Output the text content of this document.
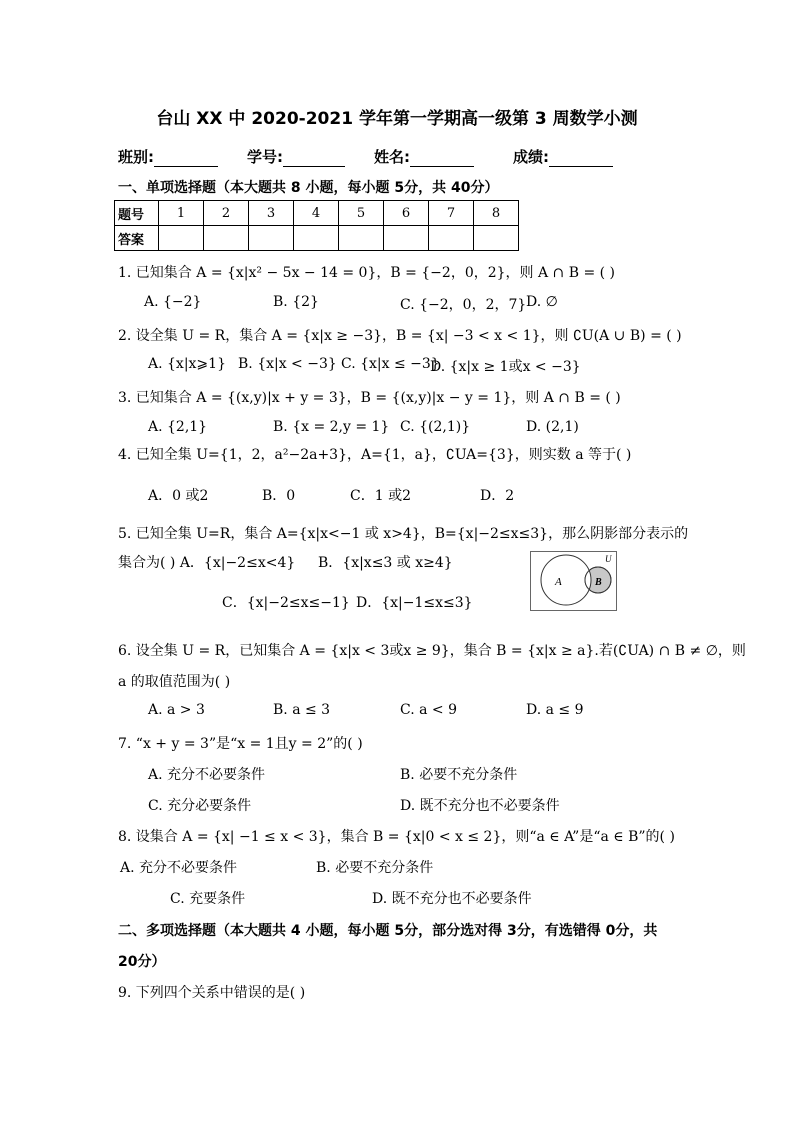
台山 XX 中 2020-2021 学年第一学期高一级第 3 周数学小测
班别:	学号:	姓名:	成绩:
一、单项选择题（本大题共 8 小题，每小题 5分，共 40分）
题号	1	2	3	4	5	6	7	8
答案								
1. 已知集合 A = {x|x² − 5x − 14 = 0}，B = {−2，0，2}，则 A ∩ B = ( )
A. {−2}	B. {2}	C. {−2，0，2，7} D. ∅
2. 设全集 U = R，集合 A = {x|x ≥ −3}，B = {x| −3 < x < 1}，则 ∁U(A ∪ B) = ( )
A. {x|x⩾1} B. {x|x < −3} C. {x|x ≤ −3}
D. {x|x ≥ 1或x < −3}
3. 已知集合 A = {(x,y)|x + y = 3}，B = {(x,y)|x − y = 1}，则 A ∩ B = ( )
A. {2,1}	B. {x = 2,y = 1} C. {(2,1)}	D. (2,1)
4. 已知全集 U={1，2，a²−2a+3}，A={1，a}，∁UA={3}，则实数 a 等于( )
A．0 或2	B．0	C．1 或2	D．2
5. 已知全集 U=R，集合 A={x|x<−1 或 x>4}，B={x|−2≤x≤3}，那么阴影部分表示的
集合为( ) A．{x|−2≤x<4} B．{x|x≤3 或 x≥4}
C．{x|−2≤x≤−1} D．{x|−1≤x≤3}
A	B
U
6. 设全集 U = R，已知集合 A = {x|x < 3或x ≥ 9}，集合 B = {x|x ≥ a}.若(∁UA) ∩ B ≠ ∅，则
a 的取值范围为( )
A. a > 3	B. a ≤ 3	C. a < 9	D. a ≤ 9
7. “x + y = 3”是“x = 1且y = 2”的( )
A. 充分不必要条件	B. 必要不充分条件
C. 充分必要条件	D. 既不充分也不必要条件
8. 设集合 A = {x| −1 ≤ x < 3}，集合 B = {x|0 < x ≤ 2}，则“a ∈ A”是“a ∈ B”的( )
A. 充分不必要条件	B. 必要不充分条件
C. 充要条件	D. 既不充分也不必要条件
二、多项选择题（本大题共 4 小题，每小题 5分，部分选对得 3分，有选错得 0分，共
20分）
9. 下列四个关系中错误的是( )
